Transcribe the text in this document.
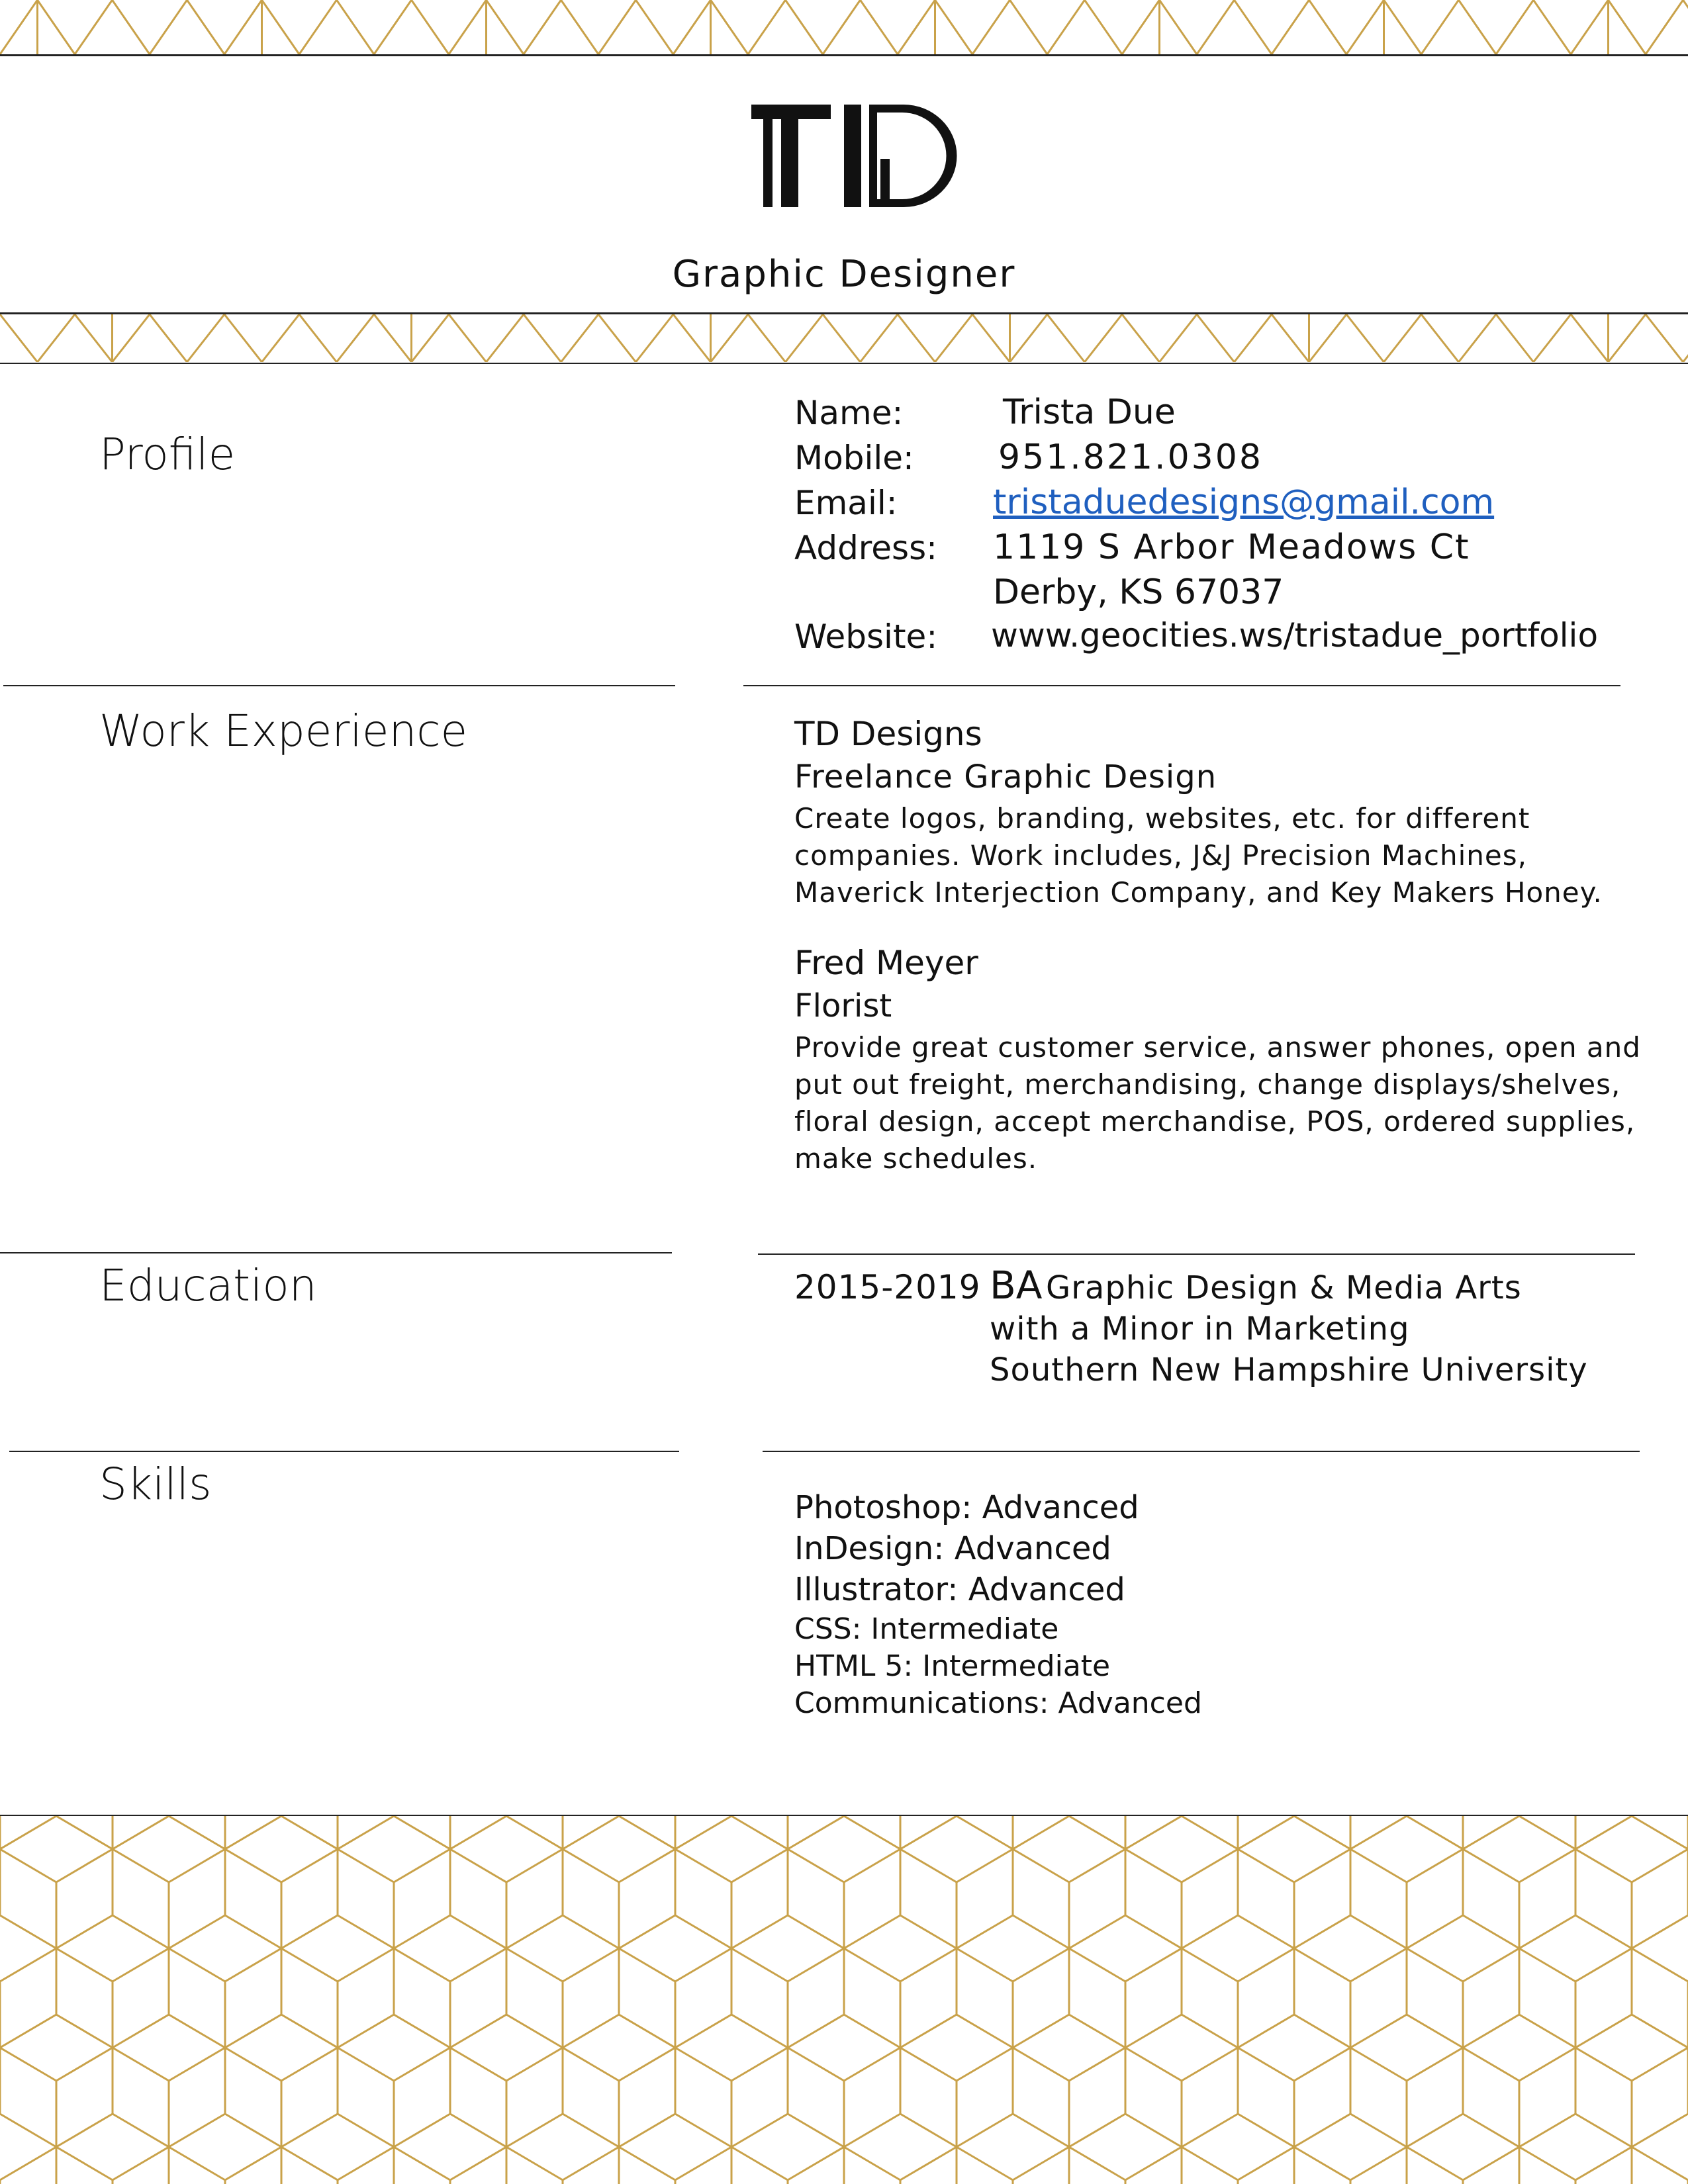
Graphic Designer
Profile
Name:	Trista Due
Mobile: 951.821.0308
Email:	tristaduedesigns@gmail.com
Address: 1119 S Arbor Meadows Ct
Derby, KS 67037
Website: www.geocities.ws/tristadue_portfolio
Work Experience	TD Designs
Freelance Graphic Design
Create logos, branding, websites, etc. for different
companies. Work includes, J&J Precision Machines,
Maverick Interjection Company, and Key Makers Honey.
Fred Meyer
Florist
Provide great customer service, answer phones, open and
put out freight, merchandising, change displays/shelves,
floral design, accept merchandise, POS, ordered supplies,
make schedules.
Education	2015-2019 BA Graphic Design & Media Arts
with a Minor in Marketing
Southern New Hampshire University
Skills	Photoshop: Advanced
InDesign: Advanced
Illustrator: Advanced
CSS: Intermediate
HTML 5: Intermediate
Communications: Advanced
